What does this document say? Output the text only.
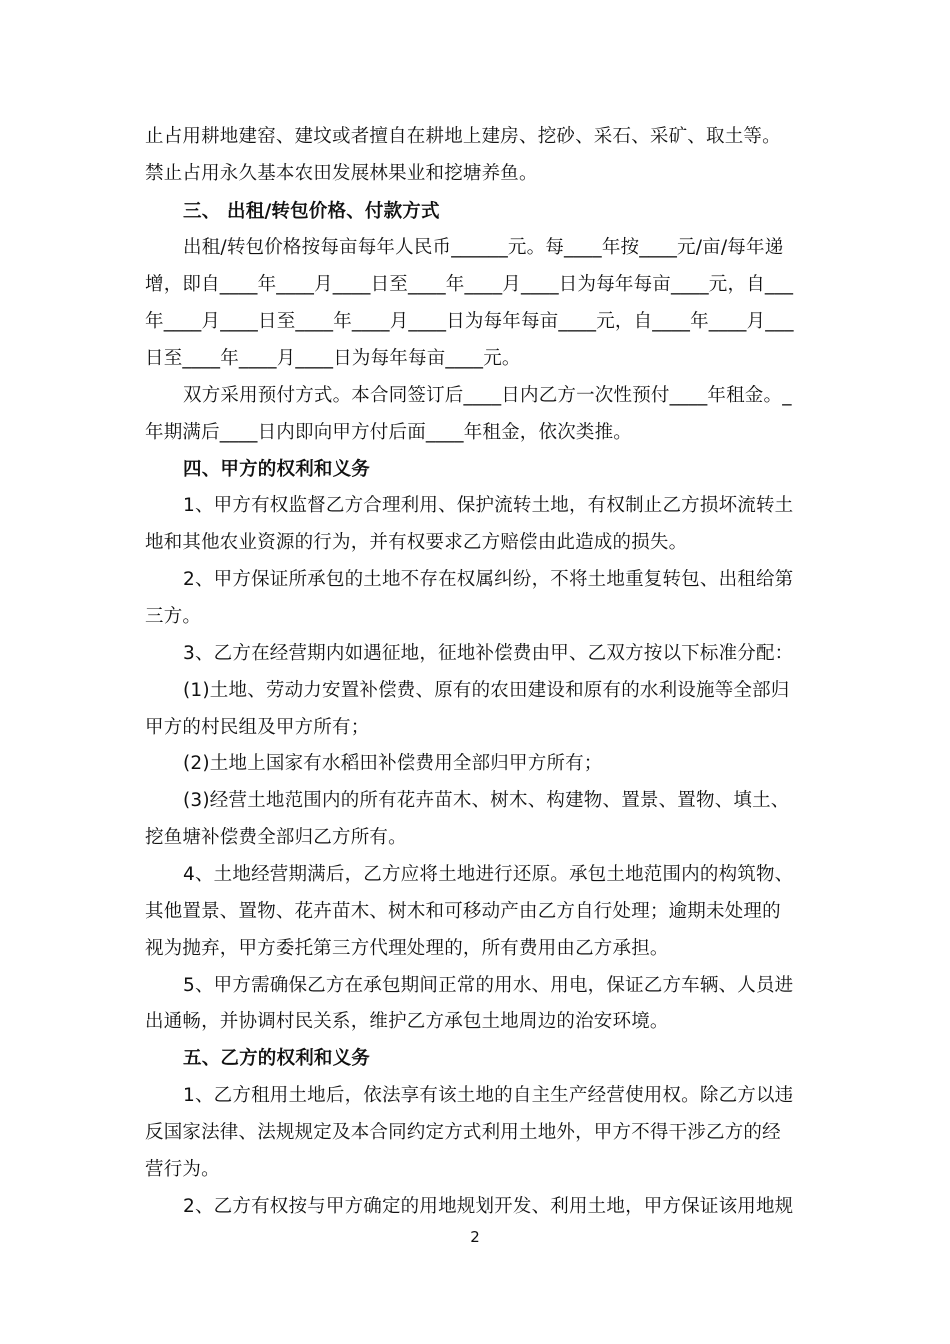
止占用耕地建窑、建坟或者擅自在耕地上建房、挖砂、采石、采矿、取土等。
禁止占用永久基本农田发展林果业和挖塘养鱼。
三、 出租/转包价格、付款方式
出租/转包价格按每亩每年人民币______元。每____年按____元/亩/每年递
增，即自____年____月____日至____年____月____日为每年每亩____元，自___
年____月____日至____年____月____日为每年每亩____元，自____年____月___
日至____年____月____日为每年每亩____元。
双方采用预付方式。本合同签订后____日内乙方一次性预付____年租金。_
年期满后____日内即向甲方付后面____年租金，依次类推。
四、甲方的权利和义务
1、甲方有权监督乙方合理利用、保护流转土地，有权制止乙方损坏流转土
地和其他农业资源的行为，并有权要求乙方赔偿由此造成的损失。
2、甲方保证所承包的土地不存在权属纠纷，不将土地重复转包、出租给第
三方。
3、乙方在经营期内如遇征地，征地补偿费由甲、乙双方按以下标准分配：
(1)土地、劳动力安置补偿费、原有的农田建设和原有的水利设施等全部归
甲方的村民组及甲方所有；
(2)土地上国家有水稻田补偿费用全部归甲方所有；
(3)经营土地范围内的所有花卉苗木、树木、构建物、置景、置物、填土、
挖鱼塘补偿费全部归乙方所有。
4、土地经营期满后，乙方应将土地进行还原。承包土地范围内的构筑物、
其他置景、置物、花卉苗木、树木和可移动产由乙方自行处理；逾期未处理的
视为抛弃，甲方委托第三方代理处理的，所有费用由乙方承担。
5、甲方需确保乙方在承包期间正常的用水、用电，保证乙方车辆、人员进
出通畅，并协调村民关系，维护乙方承包土地周边的治安环境。
五、乙方的权利和义务
1、乙方租用土地后，依法享有该土地的自主生产经营使用权。除乙方以违
反国家法律、法规规定及本合同约定方式利用土地外，甲方不得干涉乙方的经
营行为。
2、乙方有权按与甲方确定的用地规划开发、利用土地，甲方保证该用地规
2
